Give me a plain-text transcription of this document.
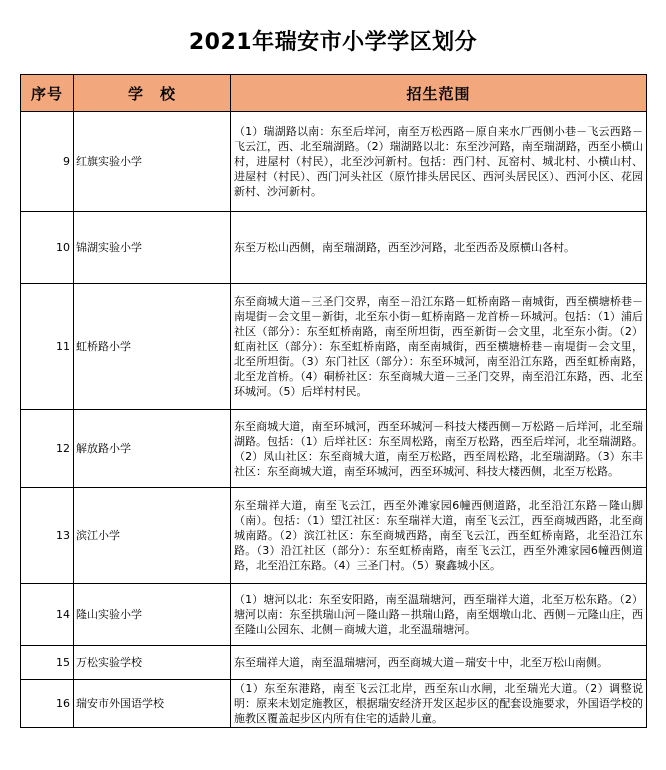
2021年瑞安市小学学区划分
序号	学　校	招生范围
9	红旗实验小学	（1）瑞湖路以南：东至后垟河，南至万松西路－原自来水厂西侧小巷－飞云西路－飞云江，西、北至瑞湖路。（2）瑞湖路以北：东至沙河路，南至瑞湖路，西至小横山村，进屋村（村民），北至沙河新村。包括：西门村、瓦窑村、城北村、小横山村、进屋村（村民）、西门河头社区（原竹排头居民区、西河头居民区）、西河小区、花园新村、沙河新村。
10	锦湖实验小学	东至万松山西侧，南至瑞湖路，西至沙河路，北至西岙及原横山各村。
11	虹桥路小学	东至商城大道－三圣门交界，南至－沿江东路－虹桥南路－南城街，西至横塘桥巷－南堤街－会文里－新街，北至东小街－虹桥南路－龙首桥－环城河。包括：（1）浦后社区（部分）：东至虹桥南路，南至所坦街，西至新街－会文里，北至东小街。（2）虹南社区（部分）：东至虹桥南路，南至南城街，西至横塘桥巷－南堤街－会文里，北至所坦街。（3）东门社区（部分）：东至环城河，南至沿江东路，西至虹桥南路，北至龙首桥。（4）硐桥社区：东至商城大道－三圣门交界，南至沿江东路，西、北至环城河。（5）后垟村村民。
12	解放路小学	东至商城大道，南至环城河，西至环城河－科技大楼西侧－万松路－后垟河，北至瑞湖路。包括：（1）后垟社区：东至周松路，南至万松路，西至后垟河，北至瑞湖路。（2）凤山社区：东至商城大道，南至万松路，西至周松路，北至瑞湖路。（3）东丰社区：东至商城大道，南至环城河，西至环城河、科技大楼西侧，北至万松路。
13	滨江小学	东至瑞祥大道，南至飞云江，西至外滩家园6幢西侧道路，北至沿江东路－隆山脚（南）。包括：（1）望江社区：东至瑞祥大道，南至飞云江，西至商城西路，北至商城南路。（2）滨江社区：东至商城西路，南至飞云江，西至虹桥南路，北至沿江东路。（3）沿江社区（部分）：东至虹桥南路，南至飞云江，西至外滩家园6幢西侧道路，北至沿江东路。（4）三圣门村。（5）聚鑫城小区。
14	隆山实验小学	（1）塘河以北：东至安阳路，南至温瑞塘河，西至瑞祥大道，北至万松东路。（2）塘河以南：东至拱瑞山河－隆山路－拱瑞山路，南至烟墩山北、西侧－元隆山庄，西至隆山公园东、北侧－商城大道，北至温瑞塘河。
15	万松实验学校	东至瑞祥大道，南至温瑞塘河，西至商城大道－瑞安十中，北至万松山南侧。
16	瑞安市外国语学校	（1）东至东港路，南至飞云江北岸，西至东山水闸，北至瑞光大道。（2）调整说明：原来未划定施教区，根据瑞安经济开发区起步区的配套设施要求，外国语学校的施教区覆盖起步区内所有住宅的适龄儿童。
